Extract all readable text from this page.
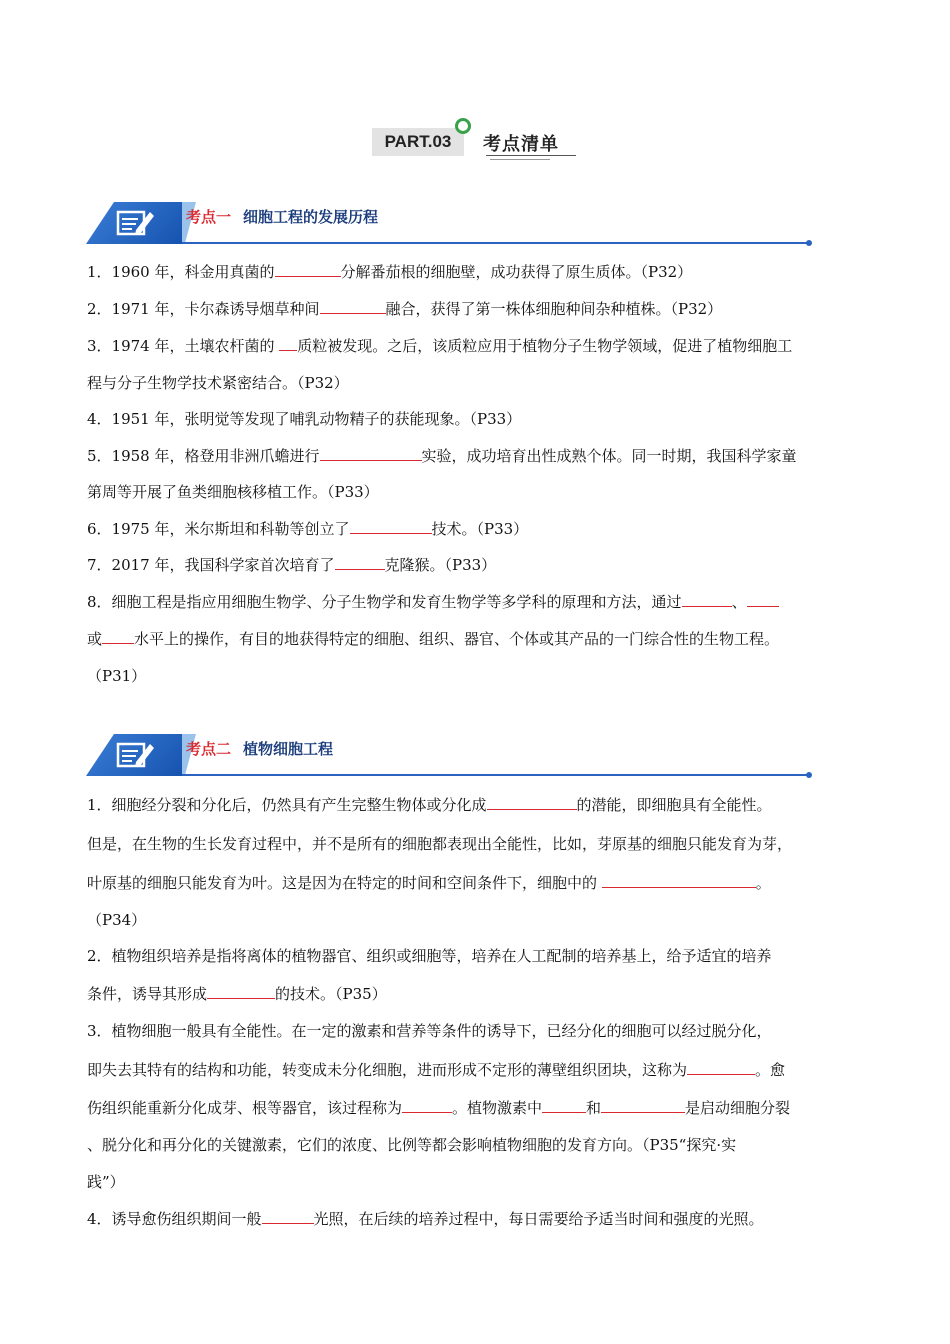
PART.03	考点清单
考点一 细胞工程的发展历程

1．1960 年，科金用真菌的	分解番茄根的细胞壁，成功获得了原生质体。（P32）

2．1971 年，卡尔森诱导烟草种间	融合，获得了第一株体细胞种间杂种植株。（P32）

3．1974 年，土壤农杆菌的 质粒被发现。之后，该质粒应用于植物分子生物学领域，促进了植物细胞工

程与分子生物学技术紧密结合。（P32）

4．1951 年，张明觉等发现了哺乳动物精子的获能现象。（P33）

5．1958 年，格登用非洲爪蟾进行	实验，成功培育出性成熟个体。同一时期，我国科学家童

第周等开展了鱼类细胞核移植工作。（P33）

6．1975 年，米尔斯坦和科勒等创立了	技术。（P33）

7．2017 年，我国科学家首次培育了	克隆猴。（P33）

8．细胞工程是指应用细胞生物学、分子生物学和发育生物学等多学科的原理和方法，通过	、

或 水平上的操作，有目的地获得特定的细胞、组织、器官、个体或其产品的一门综合性的生物工程。

（P31）

考点二 植物细胞工程

1．细胞经分裂和分化后，仍然具有产生完整生物体或分化成	的潜能，即细胞具有全能性。

但是，在生物的生长发育过程中，并不是所有的细胞都表现出全能性，比如，芽原基的细胞只能发育为芽，

叶原基的细胞只能发育为叶。这是因为在特定的时间和空间条件下，细胞中的	。

（P34）

2．植物组织培养是指将离体的植物器官、组织或细胞等，培养在人工配制的培养基上，给予适宜的培养

条件，诱导其形成	的技术。（P35）

3．植物细胞一般具有全能性。在一定的激素和营养等条件的诱导下，已经分化的细胞可以经过脱分化，

即失去其特有的结构和功能，转变成未分化细胞，进而形成不定形的薄壁组织团块，这称为	。愈

伤组织能重新分化成芽、根等器官，该过程称为	。植物激素中	和	是启动细胞分裂

、脱分化和再分化的关键激素，它们的浓度、比例等都会影响植物细胞的发育方向。（P35“探究·实

践”）

4．诱导愈伤组织期间一般	光照，在后续的培养过程中，每日需要给予适当时间和强度的光照。
